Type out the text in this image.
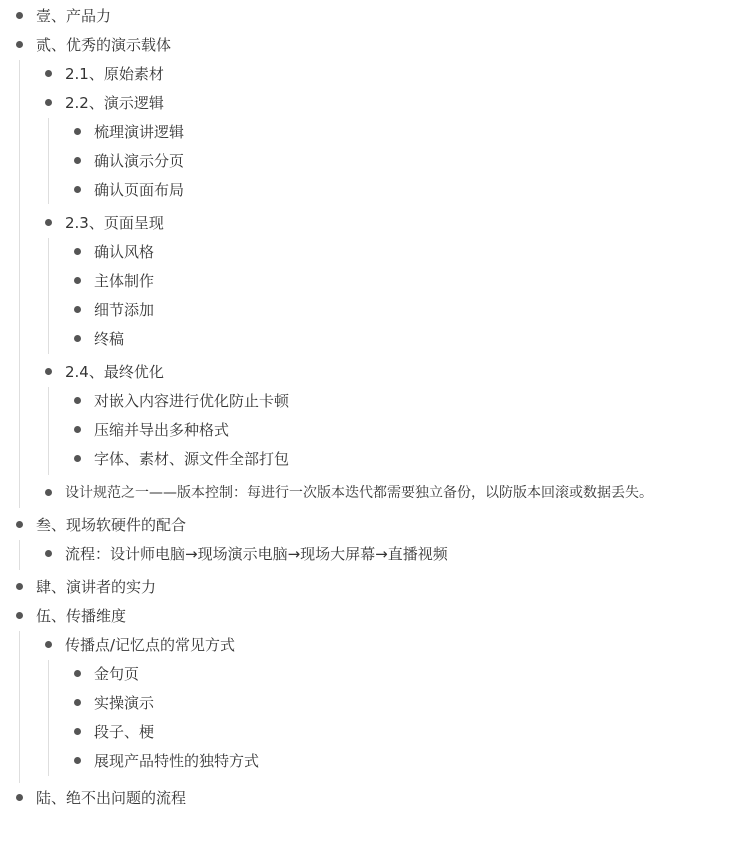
壹、产品力
贰、优秀的演示载体
2.1、原始素材
2.2、演示逻辑
梳理演讲逻辑
确认演示分页
确认页面布局
2.3、页面呈现
确认风格
主体制作
细节添加
终稿
2.4、最终优化
对嵌入内容进行优化防止卡顿
压缩并导出多种格式
字体、素材、源文件全部打包
设计规范之一——版本控制：每进行一次版本迭代都需要独立备份，以防版本回滚或数据丢失。
叁、现场软硬件的配合
流程：设计师电脑→现场演示电脑→现场大屏幕→直播视频
肆、演讲者的实力
伍、传播维度
传播点/记忆点的常见方式
金句页
实操演示
段子、梗
展现产品特性的独特方式
陆、绝不出问题的流程
